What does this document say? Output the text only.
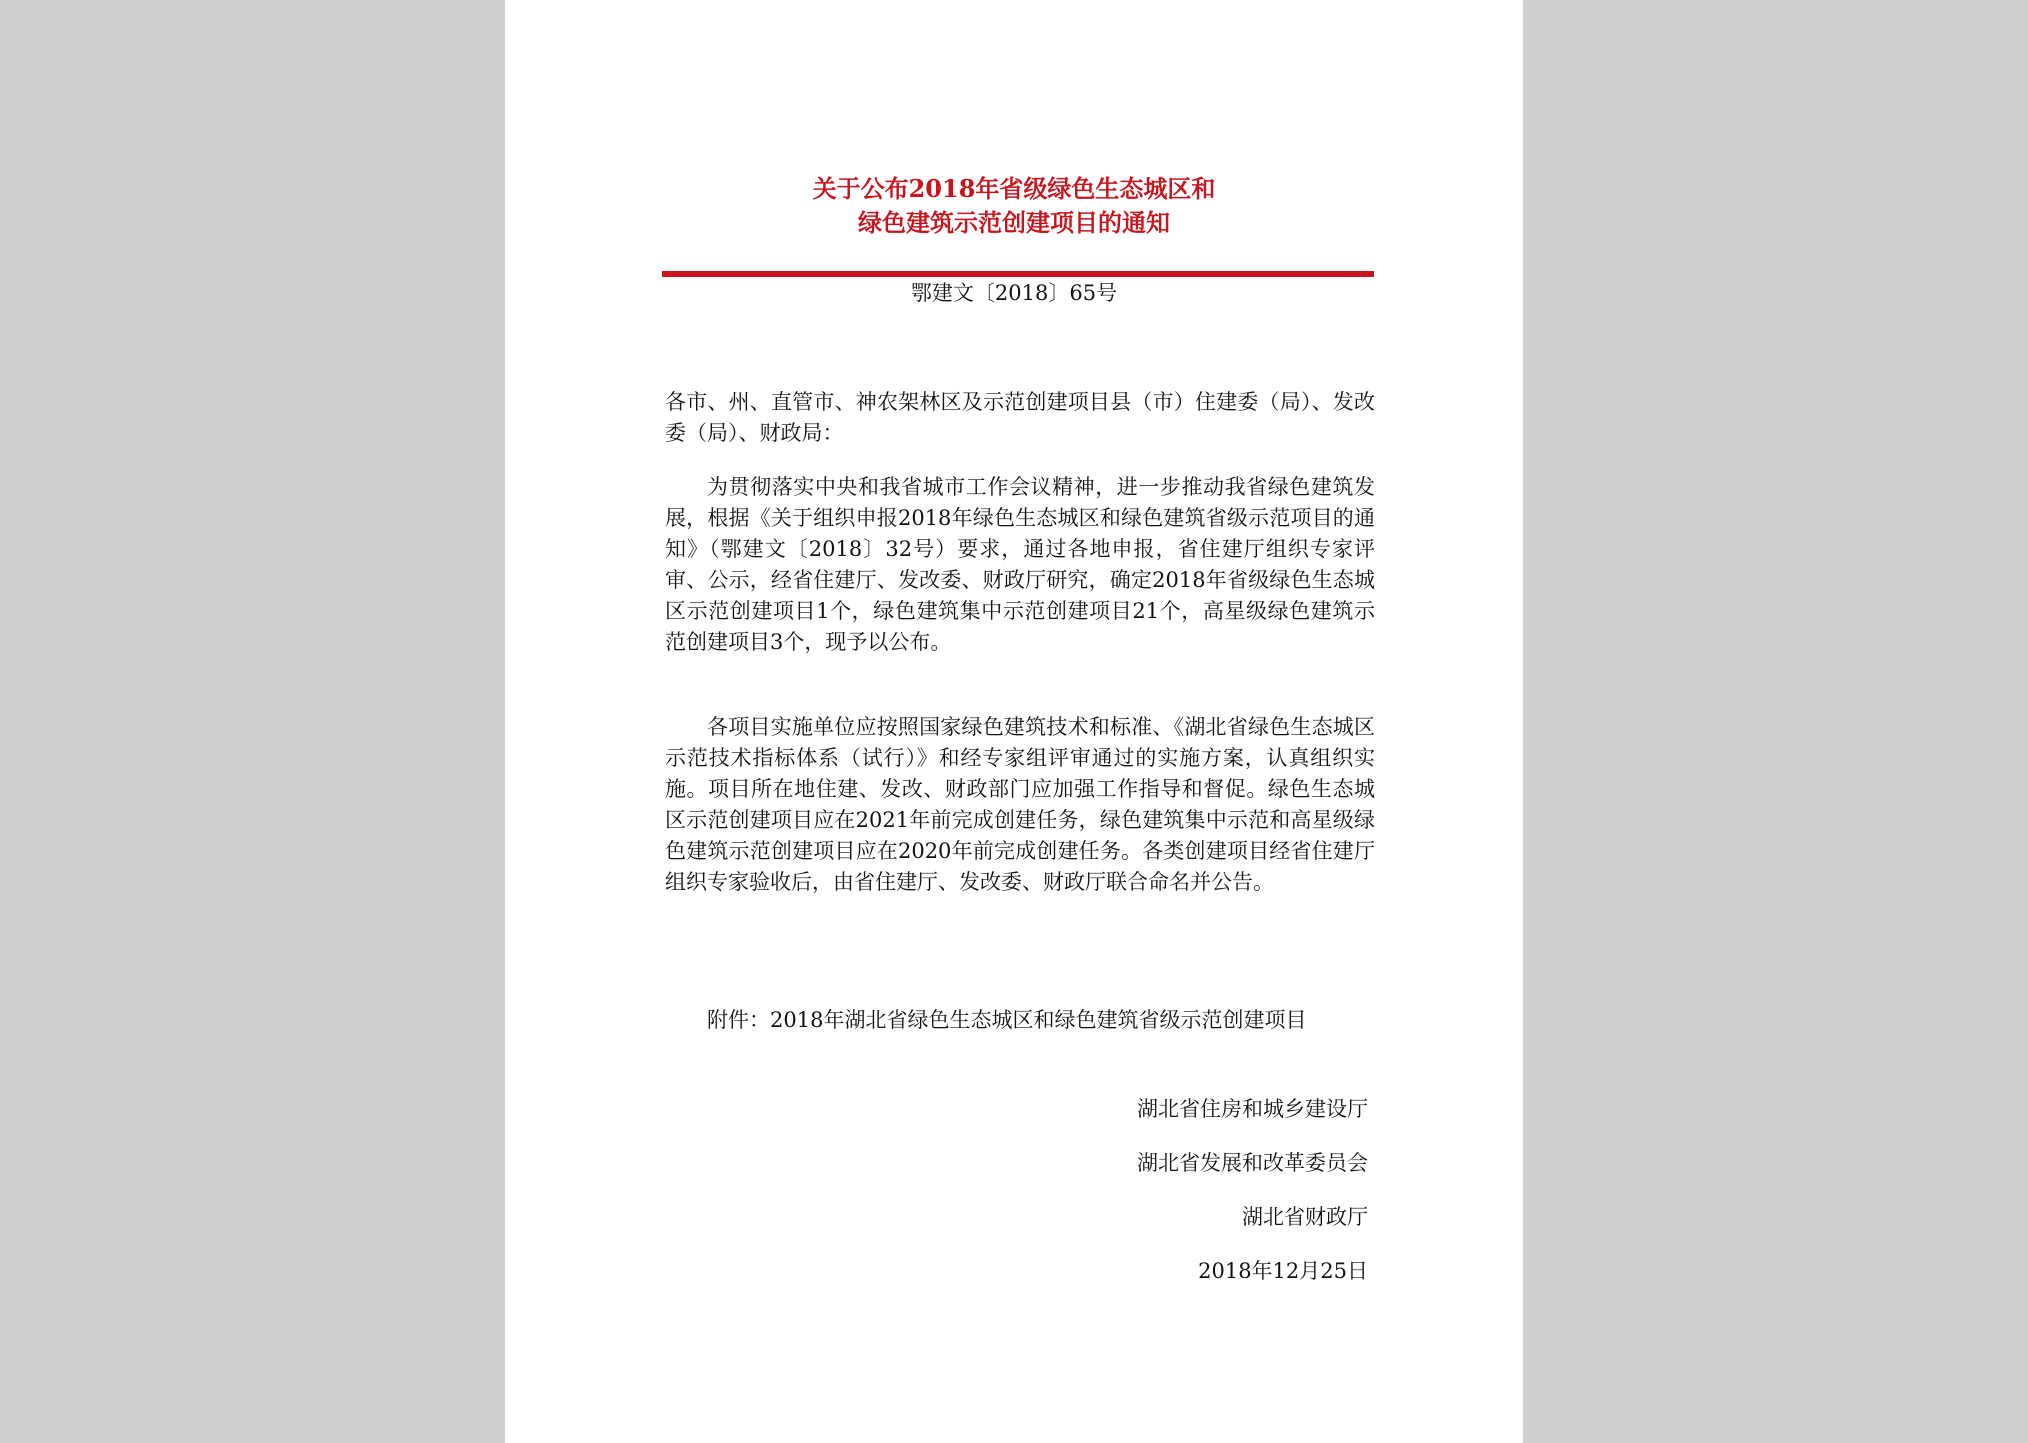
关于公布2018年省级绿色生态城区和
绿色建筑示范创建项目的通知
鄂建文〔2018〕65号
各市、州、直管市、神农架林区及示范创建项目县（市）住建委（局）、发改委（局）、财政局：
为贯彻落实中央和我省城市工作会议精神，进一步推动我省绿色建筑发展，根据《关于组织申报2018年绿色生态城区和绿色建筑省级示范项目的通知》（鄂建文〔2018〕32号）要求，通过各地申报，省住建厅组织专家评审、公示，经省住建厅、发改委、财政厅研究，确定2018年省级绿色生态城区示范创建项目1个，绿色建筑集中示范创建项目21个，高星级绿色建筑示范创建项目3个，现予以公布。
各项目实施单位应按照国家绿色建筑技术和标准、《湖北省绿色生态城区示范技术指标体系（试行）》和经专家组评审通过的实施方案，认真组织实施。项目所在地住建、发改、财政部门应加强工作指导和督促。绿色生态城区示范创建项目应在2021年前完成创建任务，绿色建筑集中示范和高星级绿色建筑示范创建项目应在2020年前完成创建任务。各类创建项目经省住建厅组织专家验收后，由省住建厅、发改委、财政厅联合命名并公告。
附件：2018年湖北省绿色生态城区和绿色建筑省级示范创建项目
湖北省住房和城乡建设厅
湖北省发展和改革委员会
湖北省财政厅
2018年12月25日
